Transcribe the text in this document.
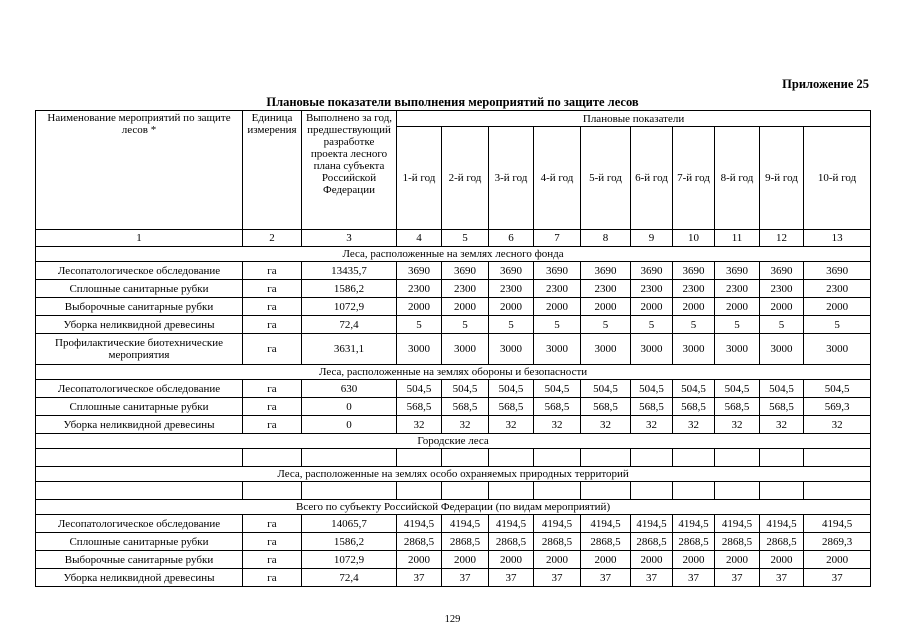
Приложение 25
Плановые показатели выполнения мероприятий по защите лесов
Наименование мероприятий по защите лесов *	Единица измерения	Выполнено за год, предшествующий разработке проекта лесного плана субъекта Российской Федерации	Плановые показатели									
			1-й год	2-й год	3-й год	4-й год	5-й год	6-й год	7-й год	8-й год	9-й год	10-й год
1	2	3	4	5	6	7	8	9	10	11	12	13
Леса, расположенные на землях лесного фонда												
Лесопатологическое обследование	га	13435,7	3690	3690	3690	3690	3690	3690	3690	3690	3690	3690
Сплошные санитарные рубки	га	1586,2	2300	2300	2300	2300	2300	2300	2300	2300	2300	2300
Выборочные санитарные рубки	га	1072,9	2000	2000	2000	2000	2000	2000	2000	2000	2000	2000
Уборка неликвидной древесины	га	72,4	5	5	5	5	5	5	5	5	5	5
Профилактические биотехнические мероприятия	га	3631,1	3000	3000	3000	3000	3000	3000	3000	3000	3000	3000
Леса, расположенные на землях обороны и безопасности												
Лесопатологическое обследование	га	630	504,5	504,5	504,5	504,5	504,5	504,5	504,5	504,5	504,5	504,5
Сплошные санитарные рубки	га	0	568,5	568,5	568,5	568,5	568,5	568,5	568,5	568,5	568,5	569,3
Уборка неликвидной древесины	га	0	32	32	32	32	32	32	32	32	32	32
Городские леса												

Леса, расположенные на землях особо охраняемых природных территорий												

Всего по субъекту Российской Федерации (по видам мероприятий)												
Лесопатологическое обследование	га	14065,7	4194,5	4194,5	4194,5	4194,5	4194,5	4194,5	4194,5	4194,5	4194,5	4194,5
Сплошные санитарные рубки	га	1586,2	2868,5	2868,5	2868,5	2868,5	2868,5	2868,5	2868,5	2868,5	2868,5	2869,3
Выборочные санитарные рубки	га	1072,9	2000	2000	2000	2000	2000	2000	2000	2000	2000	2000
Уборка неликвидной древесины	га	72,4	37	37	37	37	37	37	37	37	37	37
129
